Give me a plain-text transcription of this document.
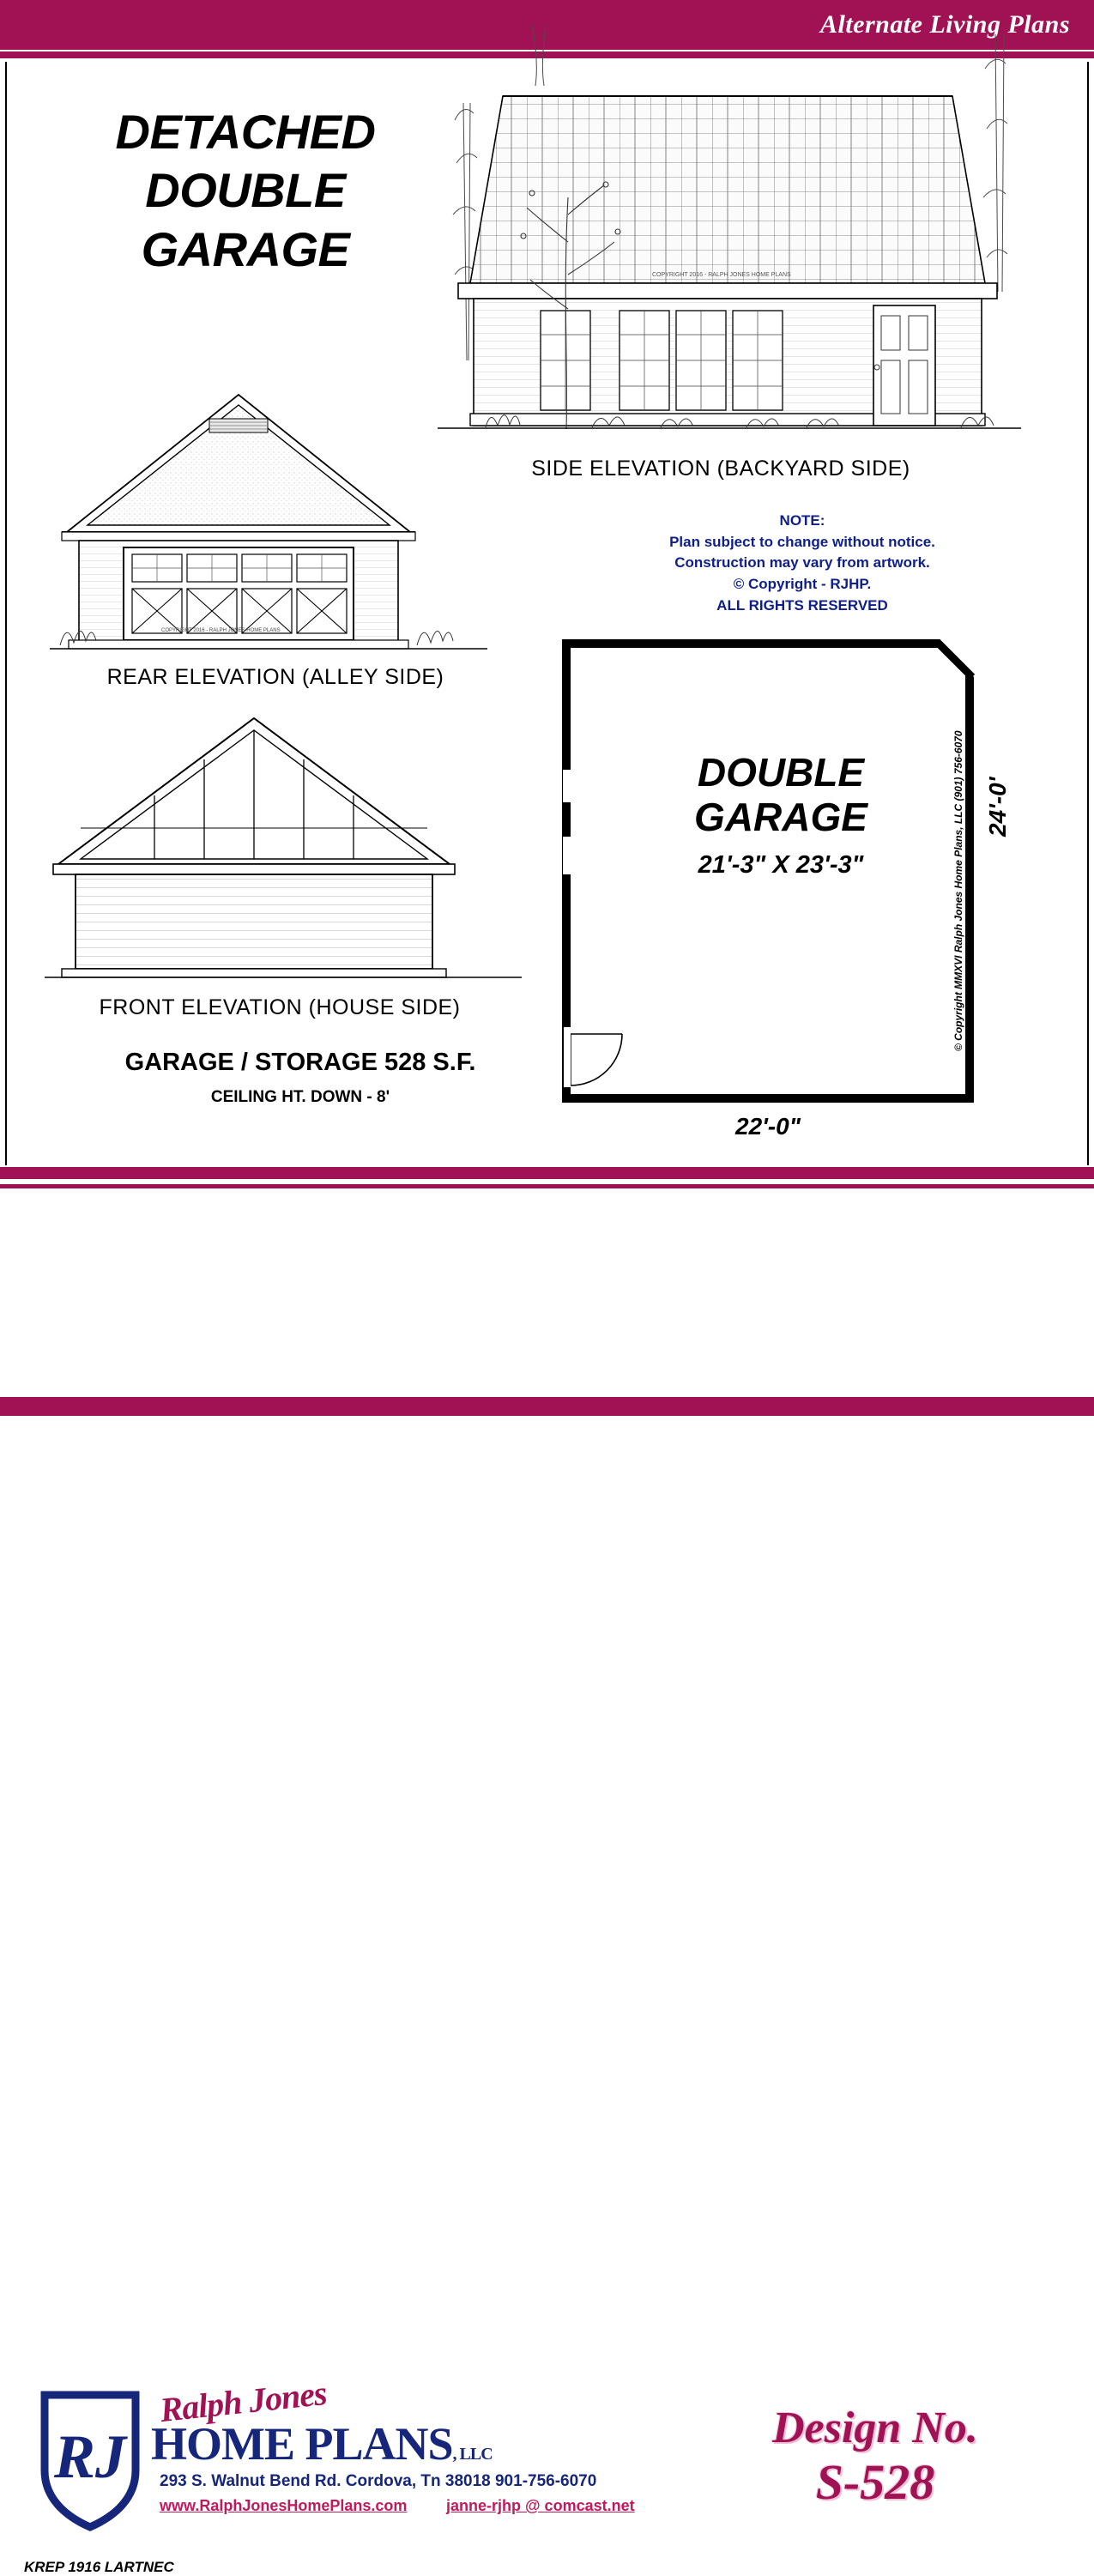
Alternate Living Plans
DETACHED DOUBLE GARAGE	COPYRIGHT 2016 - RALPH JONES HOME PLANS
SIDE ELEVATION (BACKYARD SIDE)
NOTE:
Plan subject to change without notice.
Construction may vary from artwork.
© Copyright - RJHP.
ALL RIGHTS RESERVED
COPYRIGHT 2016 - RALPH JONES HOME PLANS
REAR ELEVATION (ALLEY SIDE)
FRONT ELEVATION (HOUSE SIDE)
GARAGE / STORAGE 528 S.F.
CEILING HT. DOWN - 8'
DOUBLE
GARAGE
21'-3" X 23'-3"	© Copyright MMXVI Ralph Jones Home Plans, LLC (901) 756-6070 24'-0'
22'-0"
RJ
Ralph Jones
HOME PLANS, LLC
293 S. Walnut Bend Rd. Cordova, Tn 38018 901-756-6070
www.RalphJonesHomePlans.com	janne-rjhp @ comcast.net
Design No.
S-528
KREP 1916 LARTNEC
